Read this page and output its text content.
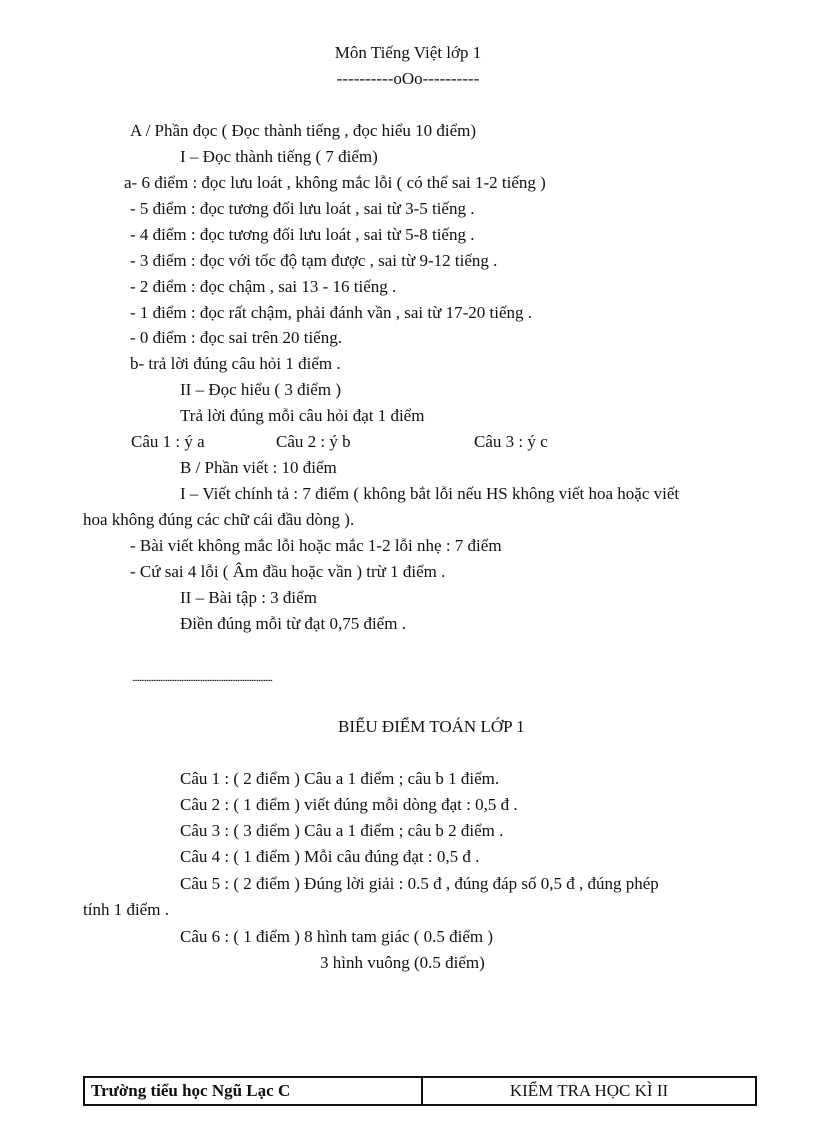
Môn Tiếng Việt lớp 1
----------oOo----------
A / Phần đọc ( Đọc thành tiếng , đọc hiểu 10 điểm)
I – Đọc thành tiếng ( 7 điểm)
a- 6 điểm : đọc lưu loát , không mắc lỗi ( có thể sai 1-2 tiếng )
- 5 điểm : đọc tương đối lưu loát , sai từ 3-5 tiếng .
- 4 điểm : đọc tương đối lưu loát , sai từ 5-8 tiếng .
- 3 điểm : đọc với tốc độ tạm được , sai từ 9-12 tiếng .
- 2 điểm : đọc chậm , sai 13 - 16 tiếng .
- 1 điểm : đọc rất chậm, phải đánh vần , sai từ 17-20 tiếng .
- 0 điểm : đọc sai trên 20 tiếng.
b- trả lời đúng câu hỏi 1 điểm .
II – Đọc hiểu ( 3 điểm )
Trả lời đúng mỗi câu hỏi đạt 1 điểm
Câu 1 : ý a	Câu 2 : ý b	Câu 3 : ý c
B / Phần viết : 10 điểm
I – Viết chính tả : 7 điểm ( không bắt lỗi nếu HS không viết hoa hoặc viết
hoa không đúng các chữ cái đầu dòng ).
- Bài viết không mắc lỗi hoặc mắc 1-2 lỗi nhẹ : 7 điểm
- Cứ sai 4 lỗi ( Âm đầu hoặc vần ) trừ 1 điểm .
II – Bài tập : 3 điểm
Điền đúng mỗi từ đạt 0,75 điểm .
................................................................................
BIỂU ĐIỂM TOÁN LỚP 1
Câu 1 : ( 2 điểm ) Câu a 1 điểm ; câu b 1 điểm.
Câu 2 : ( 1 điểm ) viết đúng mỗi dòng đạt : 0,5 đ .
Câu 3 : ( 3 điểm ) Câu a 1 điểm ; câu b 2 điểm .
Câu 4 : ( 1 điểm ) Mỗi câu đúng đạt : 0,5 đ .
Câu 5 : ( 2 điểm ) Đúng lời giải : 0.5 đ , đúng đáp số 0,5 đ , đúng phép
tính 1 điểm .
Câu 6 : ( 1 điểm ) 8 hình tam giác ( 0.5 điểm )
3 hình vuông (0.5 điểm)
Trường tiểu học Ngũ Lạc C	KIỂM TRA HỌC KÌ II
